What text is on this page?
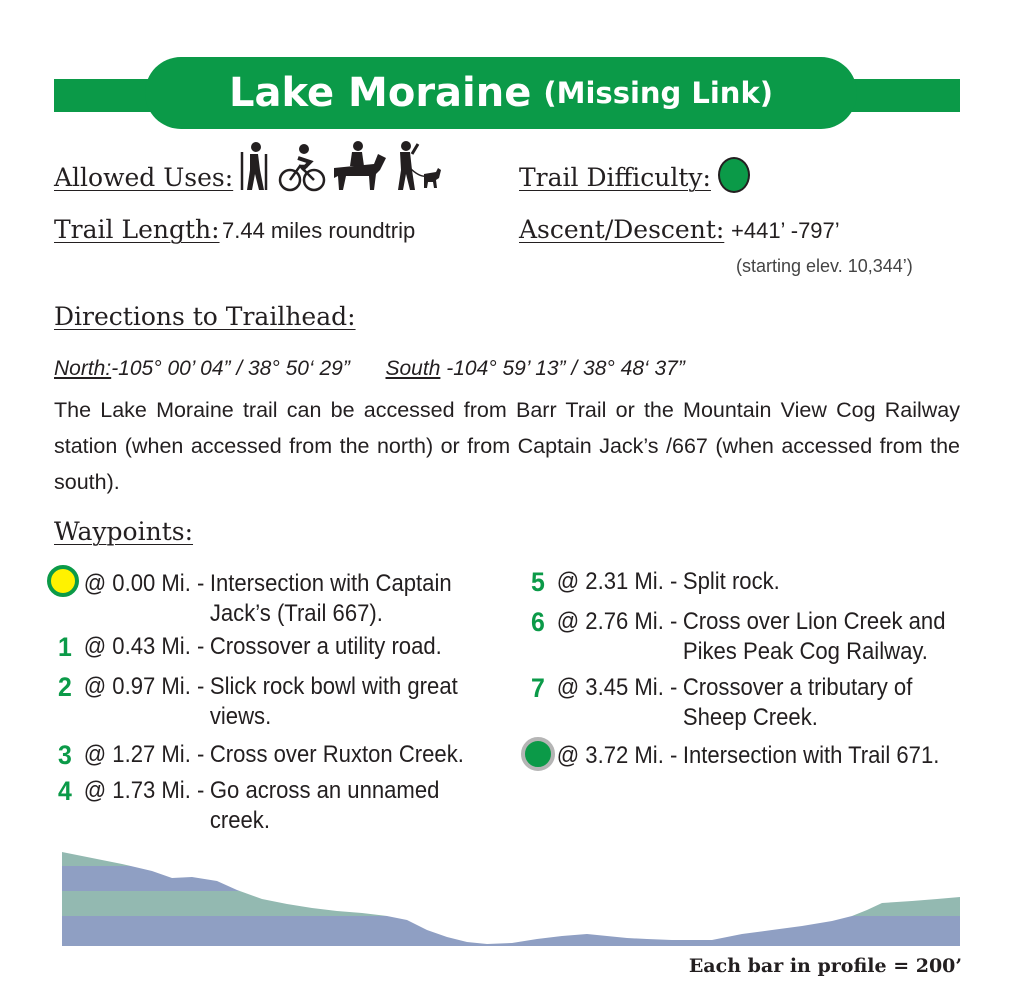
Lake Moraine (Missing Link)
Allowed Uses:	Trail Difficulty:
Trail Length: 7.44 miles roundtrip	Ascent/Descent: +441’ -797’
(starting elev. 10,344’)
Directions to Trailhead:
North:-105° 00’ 04” / 38° 50‘ 29” South -104° 59’ 13” / 38° 48‘ 37”
The Lake Moraine trail can be accessed from Barr Trail or the Mountain View Cog Railway station (when accessed from the north) or from Captain Jack’s /667 (when accessed from the south).
Waypoints:
@ 0.00 Mi. - Intersection with Captain
Jack’s (Trail 667).
1 @ 0.43 Mi. - Crossover a utility road.
2 @ 0.97 Mi. - Slick rock bowl with great
views.
3 @ 1.27 Mi. - Cross over Ruxton Creek.
4 @ 1.73 Mi. - Go across an unnamed
creek.
5 @ 2.31 Mi. - Split rock.
6 @ 2.76 Mi. - Cross over Lion Creek and
Pikes Peak Cog Railway.
7 @ 3.45 Mi. - Crossover a tributary of
Sheep Creek.
@ 3.72 Mi. - Intersection with Trail 671.
Each bar in profile = 200’
